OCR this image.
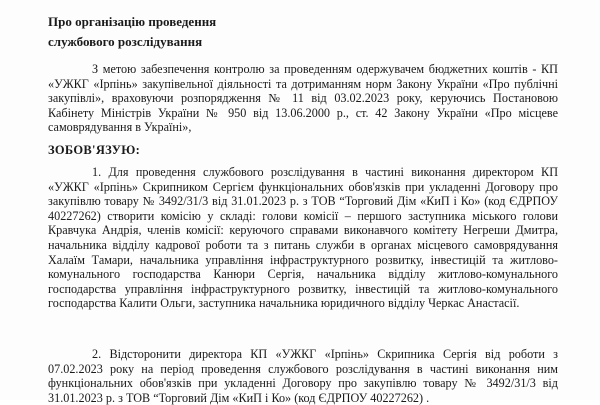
Про організацію проведення
службового розслідування
З метою забезпечення контролю за проведенням одержувачем бюджетних коштів - КП «УЖКГ «Ірпінь» закупівельної діяльності та дотриманням норм Закону України «Про публічні закупівлі», враховуючи розпорядження № 11 від 03.02.2023 року, керуючись Постановою Кабінету Міністрів України № 950 від 13.06.2000 р., ст. 42 Закону України «Про місцеве самоврядування в Україні»,
ЗОБОВ'ЯЗУЮ:
1. Для проведення службового розслідування в частині виконання директором КП «УЖКГ «Ірпінь» Скрипником Сергієм функціональних обов'язків при укладенні Договору про закупівлю товару № 3492/31/3 від 31.01.2023 р. з ТОВ “Торговий Дім «КиП і Ко» (код ЄДРПОУ 40227262) створити комісію у складі: голови комісії – першого заступника міського голови Кравчука Андрія, членів комісії: керуючого справами виконавчого комітету Негреши Дмитра, начальника відділу кадрової роботи та з питань служби в органах місцевого самоврядування Халаїм Тамари, начальника управління інфраструктурного розвитку, інвестицій та житлово-комунального господарства Канюри Сергія, начальника відділу житлово-комунального господарства управління інфраструктурного розвитку, інвестицій та житлово-комунального господарства Калити Ольги, заступника начальника юридичного відділу Черкас Анастасії.
2. Відсторонити директора КП «УЖКГ «Ірпінь» Скрипника Сергія від роботи з 07.02.2023 року на період проведення службового розслідування в частині виконання ним функціональних обов'язків при укладенні Договору про закупівлю товару № 3492/31/3 від 31.01.2023 р. з ТОВ “Торговий Дім «КиП і Ко» (код ЄДРПОУ 40227262) .
